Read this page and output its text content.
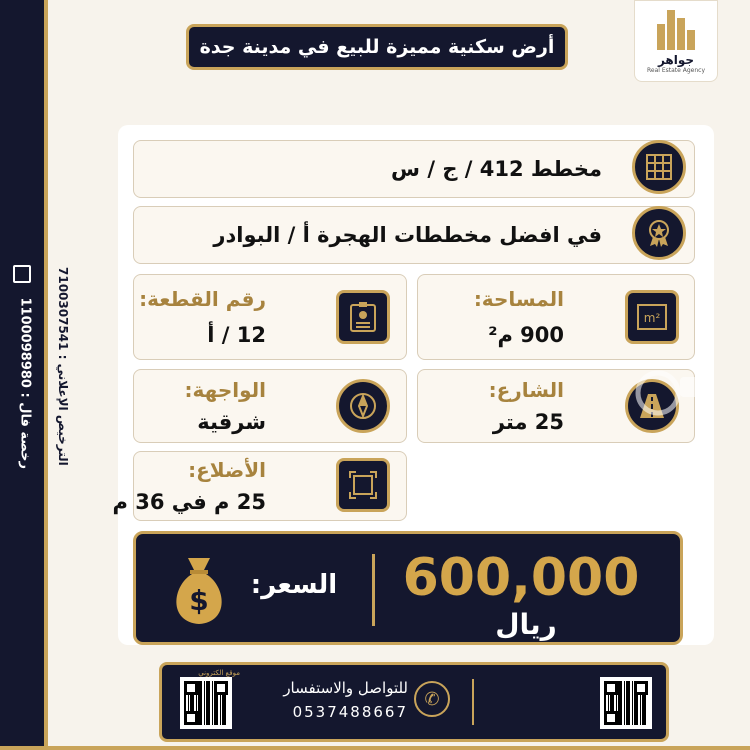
رخصة فال : 1100098980
الترخيص الإعلاني : 7100307541
جواهر
Real Estate Agency
أرض سكنية مميزة للبيع في مدينة جدة
مخطط 412 / ج / س
في افضل مخططات الهجرة أ / البوادر
رقم القطعة:
12 / أ
المساحة:
900 م²
m²
الواجهة:
شرقية
الشارع:
25 متر
الأضلاع:
25 م في 36 م
600,000
ريال
السعر:
$
موقع الكتروني
للتواصل والاستفسار
0537488667
✆
